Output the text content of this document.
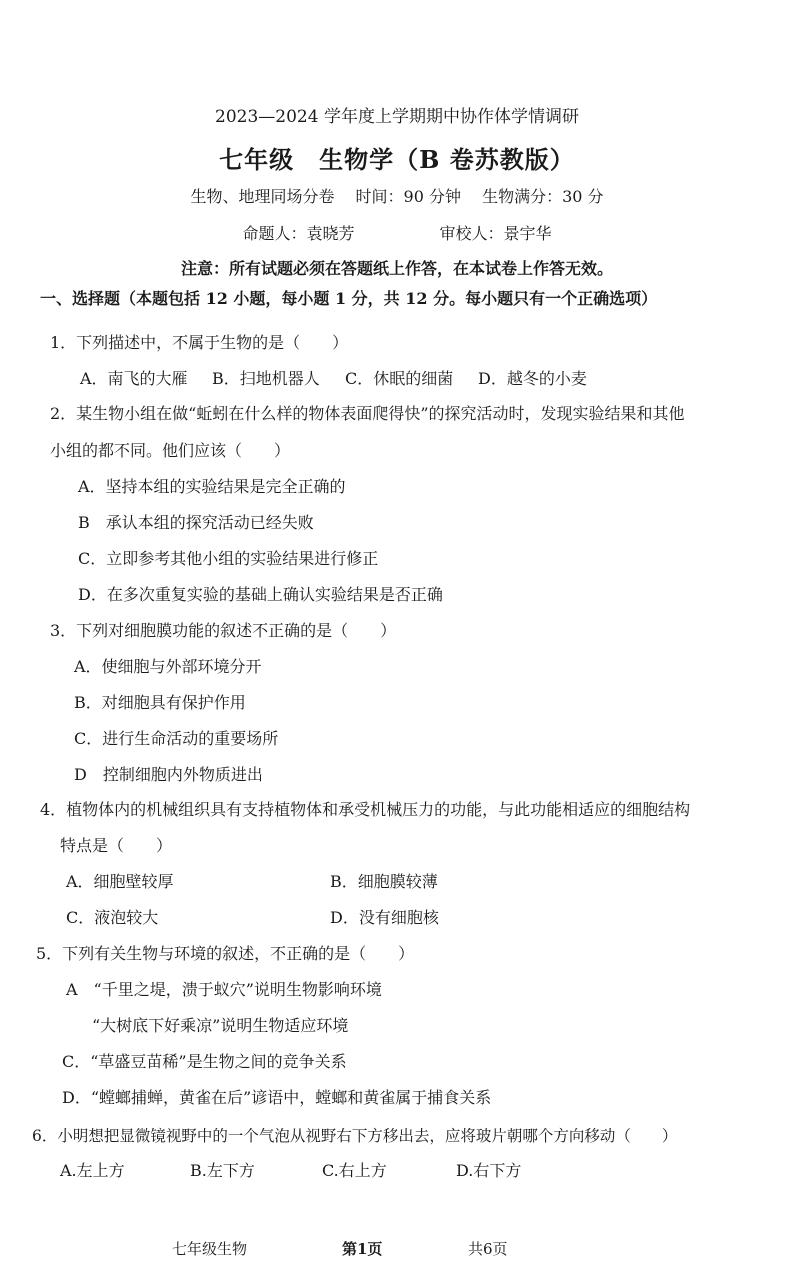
2023—2024 学年度上学期期中协作体学情调研
七年级　生物学（B 卷苏教版）
生物、地理同场分卷 时间：90 分钟 生物满分：30 分
命题人：袁晓芳	审校人：景宇华
注意：所有试题必须在答题纸上作答，在本试卷上作答无效。
一、选择题（本题包括 12 小题，每小题 1 分，共 12 分。每小题只有一个正确选项）
1．下列描述中，不属于生物的是（　　）
A．南飞的大雁 B．扫地机器人 C．休眠的细菌 D．越冬的小麦
2．某生物小组在做“蚯蚓在什么样的物体表面爬得快”的探究活动时，发现实验结果和其他
小组的都不同。他们应该（　　）
A．坚持本组的实验结果是完全正确的
B　承认本组的探究活动已经失败
C．立即参考其他小组的实验结果进行修正
D．在多次重复实验的基础上确认实验结果是否正确
3．下列对细胞膜功能的叙述不正确的是（　　）
A．使细胞与外部环境分开
B．对细胞具有保护作用
C．进行生命活动的重要场所
D　控制细胞内外物质进出
4．植物体内的机械组织具有支持植物体和承受机械压力的功能，与此功能相适应的细胞结构
特点是（　　）
A．细胞壁较厚	B．细胞膜较薄
C．液泡较大	D．没有细胞核
5．下列有关生物与环境的叙述，不正确的是（　　）
A　“千里之堤，溃于蚁穴”说明生物影响环境
“大树底下好乘凉”说明生物适应环境
C．“草盛豆苗稀”是生物之间的竞争关系
D．“螳螂捕蝉，黄雀在后”谚语中，螳螂和黄雀属于捕食关系
6．小明想把显微镜视野中的一个气泡从视野右下方移出去，应将玻片朝哪个方向移动（　　）
A.左上方	B.左下方	C.右上方	D.右下方
七年级生物	第1页	共6页
